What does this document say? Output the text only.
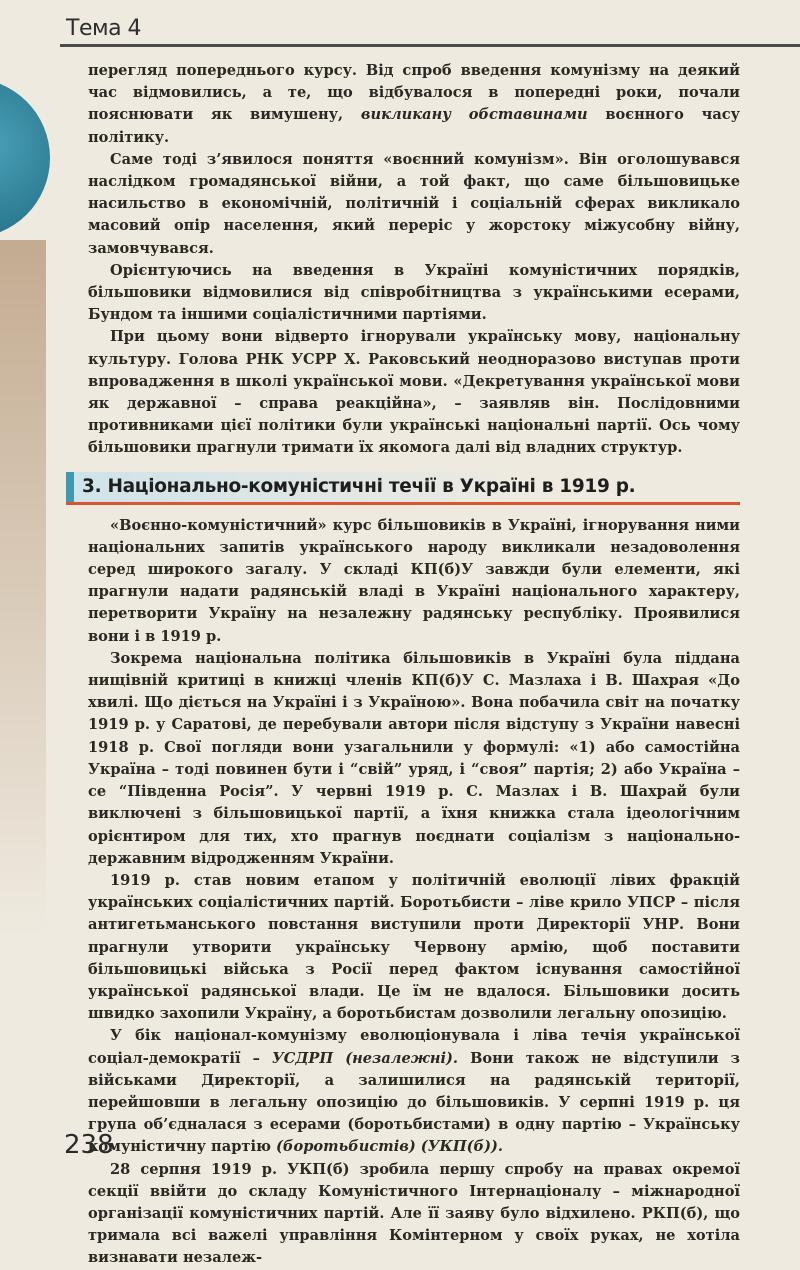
Тема 4

перегляд попереднього курсу. Від спроб введення комунізму на деякий час відмовились, а те, що відбувалося в попередні роки, почали пояснювати як вимушену, викликану обставинами воєнного часу політику.

Саме тоді з’явилося поняття «воєнний комунізм». Він оголошувався наслідком громадянської війни, а той факт, що саме більшовицьке насильство в економічній, політичній і соціальній сферах викликало масовий опір населення, який переріс у жорстоку міжусобну війну, замовчувався.

Орієнтуючись на введення в Україні комуністичних порядків, більшовики відмовилися від співробітництва з українськими есерами, Бундом та іншими соціалістичними партіями.

При цьому вони відверто ігнорували українську мову, національну культуру. Голова РНК УСРР Х. Раковський неодноразово виступав проти впровадження в школі української мови. «Декретування української мови як державної – справа реакційна», – заявляв він. Послідовними противниками цієї політики були українські національні партії. Ось чому більшовики прагнули тримати їх якомога далі від владних структур.

3. Національно-комуністичні течії в Україні в 1919 р.

«Воєнно-комуністичний» курс більшовиків в Україні, ігнорування ними національних запитів українського народу викликали незадоволення серед широкого загалу. У складі КП(б)У завжди були елементи, які прагнули надати радянській владі в Україні національного характеру, перетворити Україну на незалежну радянську республіку. Проявилися вони і в 1919 р.

Зокрема національна політика більшовиків в Україні була піддана нищівній критиці в книжці членів КП(б)У С. Мазлаха і В. Шахрая «До хвилі. Що діється на Україні і з Україною». Вона побачила світ на початку 1919 р. у Саратові, де перебували автори після відступу з України навесні 1918 р. Свої погляди вони узагальнили у формулі: «1) або самостійна Україна – тоді повинен бути і “свій” уряд, і “своя” партія; 2) або Україна – се “Південна Росія”. У червні 1919 р. С. Мазлах і В. Шахрай були виключені з більшовицької партії, а їхня книжка стала ідеологічним орієнтиром для тих, хто прагнув поєднати соціалізм з національно-державним відродженням України.

1919 р. став новим етапом у політичній еволюції лівих фракцій українських соціалістичних партій. Боротьбисти – ліве крило УПСР – після антигетьманського повстання виступили проти Директорії УНР. Вони прагнули утворити українську Червону армію, щоб поставити більшовицькі війська з Росії перед фактом існування самостійної української радянської влади. Це їм не вдалося. Більшовики досить швидко захопили Україну, а боротьбистам дозволили легальну опозицію.

У бік націонал-комунізму еволюціонувала і ліва течія української соціал-демократії – УСДРП (незалежні). Вони також не відступили з військами Директорії, а залишилися на радянській території, перейшовши в легальну опозицію до більшовиків. У серпні 1919 р. ця група об’єдналася з есерами (боротьбистами) в одну партію – Українську комуністичну партію (боротьбистів) (УКП(б)).

28 серпня 1919 р. УКП(б) зробила першу спробу на правах окремої секції ввійти до складу Комуністичного Інтернаціоналу – міжнародної організації комуністичних партій. Але її заяву було відхилено. РКП(б), що тримала всі важелі управління Комінтерном у своїх руках, не хотіла визнавати незалеж-

238
